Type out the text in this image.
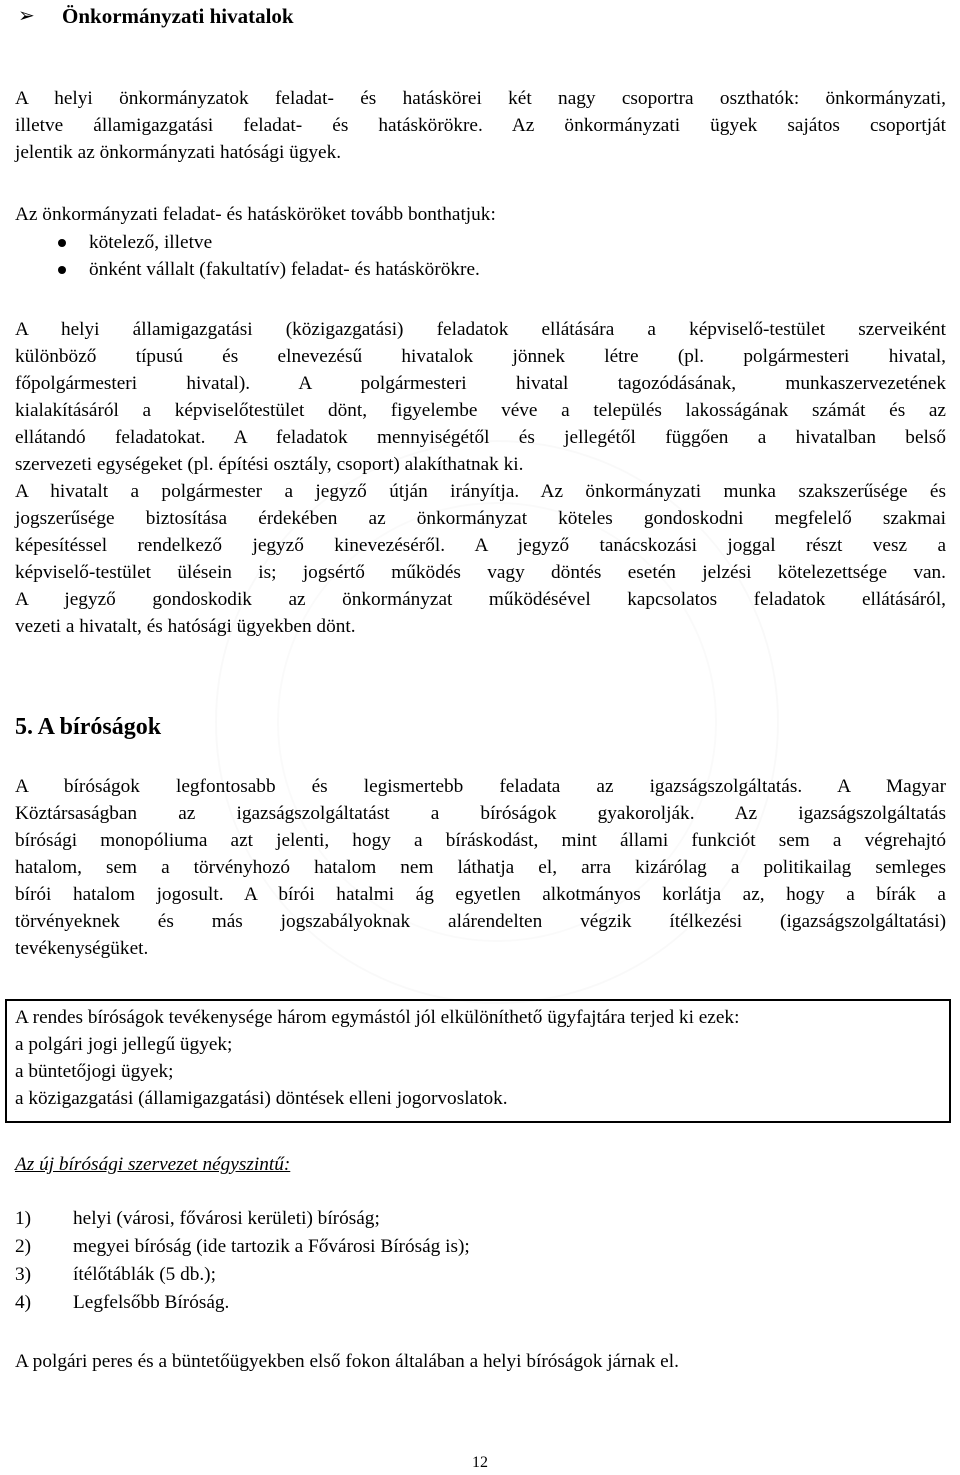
➢	Önkormányzati hivatalok
A helyi önkormányzatok feladat- és hatáskörei két nagy csoportra oszthatók: önkormányzati,
illetve államigazgatási feladat- és hatáskörökre. Az önkormányzati ügyek sajátos csoportját
jelentik az önkormányzati hatósági ügyek.
Az önkormányzati feladat- és hatásköröket tovább bonthatjuk:
kötelező, illetve
önként vállalt (fakultatív) feladat- és hatáskörökre.
A helyi államigazgatási (közigazgatási) feladatok ellátására a képviselő-testület szerveiként
különböző típusú és elnevezésű hivatalok jönnek létre (pl. polgármesteri hivatal,
főpolgármesteri hivatal). A polgármesteri hivatal tagozódásának, munkaszervezetének
kialakításáról a képviselőtestület dönt, figyelembe véve a település lakosságának számát és az
ellátandó feladatokat. A feladatok mennyiségétől és jellegétől függően a hivatalban belső
szervezeti egységeket (pl. építési osztály, csoport) alakíthatnak ki.
A hivatalt a polgármester a jegyző útján irányítja. Az önkormányzati munka szakszerűsége és
jogszerűsége biztosítása érdekében az önkormányzat köteles gondoskodni megfelelő szakmai
képesítéssel rendelkező jegyző kinevezéséről. A jegyző tanácskozási joggal részt vesz a
képviselő-testület ülésein is; jogsértő működés vagy döntés esetén jelzési kötelezettsége van.
A jegyző gondoskodik az önkormányzat működésével kapcsolatos feladatok ellátásáról,
vezeti a hivatalt, és hatósági ügyekben dönt.
5. A bíróságok
A bíróságok legfontosabb és legismertebb feladata az igazságszolgáltatás. A Magyar
Köztársaságban az igazságszolgáltatást a bíróságok gyakorolják. Az igazságszolgáltatás
bírósági monopóliuma azt jelenti, hogy a bíráskodást, mint állami funkciót sem a végrehajtó
hatalom, sem a törvényhozó hatalom nem láthatja el, arra kizárólag a politikailag semleges
bírói hatalom jogosult. A bírói hatalmi ág egyetlen alkotmányos korlátja az, hogy a bírák a
törvényeknek és más jogszabályoknak alárendelten végzik ítélkezési (igazságszolgáltatási)
tevékenységüket.
A rendes bíróságok tevékenysége három egymástól jól elkülöníthető ügyfajtára terjed ki ezek:
a polgári jogi jellegű ügyek;
a büntetőjogi ügyek;
a közigazgatási (államigazgatási) döntések elleni jogorvoslatok.
Az új bírósági szervezet négyszintű:
1)	helyi (városi, fővárosi kerületi) bíróság;
2)	megyei bíróság (ide tartozik a Fővárosi Bíróság is);
3)	ítélőtáblák (5 db.);
4)	Legfelsőbb Bíróság.
A polgári peres és a büntetőügyekben első fokon általában a helyi bíróságok járnak el.
12
